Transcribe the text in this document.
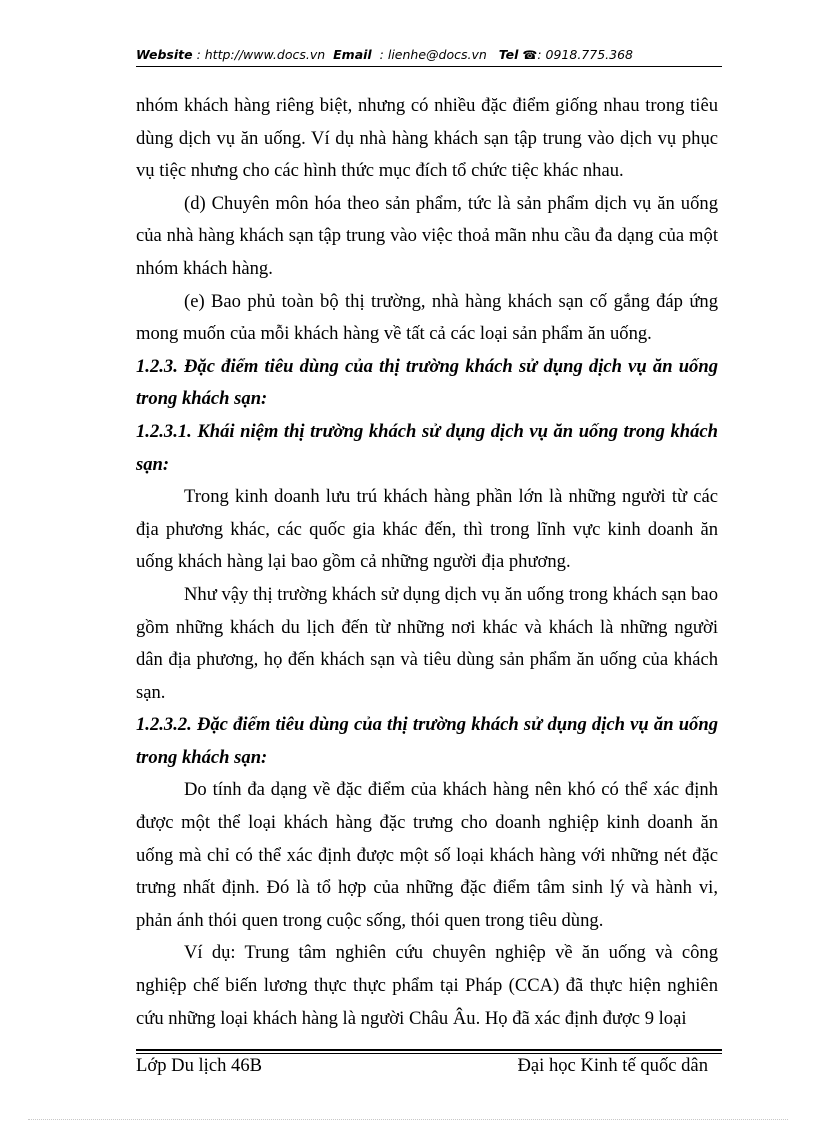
Website : http://www.docs.vn Email : lienhe@docs.vn Tel ☎: 0918.775.368

nhóm khách hàng riêng biệt, nhưng có nhiều đặc điểm giống nhau trong tiêu dùng dịch vụ ăn uống. Ví dụ nhà hàng khách sạn tập trung vào dịch vụ phục vụ tiệc nhưng cho các hình thức mục đích tổ chức tiệc khác nhau.

(d) Chuyên môn hóa theo sản phẩm, tức là sản phẩm dịch vụ ăn uống của nhà hàng khách sạn tập trung vào việc thoả mãn nhu cầu đa dạng của một nhóm khách hàng.

(e) Bao phủ toàn bộ thị trường, nhà hàng khách sạn cố gắng đáp ứng mong muốn của mỗi khách hàng về tất cả các loại sản phẩm ăn uống.

1.2.3. Đặc điểm tiêu dùng của thị trường khách sử dụng dịch vụ ăn uống trong khách sạn:
1.2.3.1. Khái niệm thị trường khách sử dụng dịch vụ ăn uống trong khách sạn:

Trong kinh doanh lưu trú khách hàng phần lớn là những người từ các địa phương khác, các quốc gia khác đến, thì trong lĩnh vực kinh doanh ăn uống khách hàng lại bao gồm cả những người địa phương.

Như vậy thị trường khách sử dụng dịch vụ ăn uống trong khách sạn bao gồm những khách du lịch đến từ những nơi khác và khách là những người dân địa phương, họ đến khách sạn và tiêu dùng sản phẩm ăn uống của khách sạn.

1.2.3.2. Đặc điểm tiêu dùng của thị trường khách sử dụng dịch vụ ăn uống trong khách sạn:

Do tính đa dạng về đặc điểm của khách hàng nên khó có thể xác định được một thể loại khách hàng đặc trưng cho doanh nghiệp kinh doanh ăn uống mà chỉ có thể xác định được một số loại khách hàng với những nét đặc trưng nhất định. Đó là tổ hợp của những đặc điểm tâm sinh lý và hành vi, phản ánh thói quen trong cuộc sống, thói quen trong tiêu dùng.

Ví dụ: Trung tâm nghiên cứu chuyên nghiệp về ăn uống và công nghiệp chế biến lương thực thực phẩm tại Pháp (CCA) đã thực hiện nghiên cứu những loại khách hàng là người Châu Âu. Họ đã xác định được 9 loại

Lớp Du lịch 46B	Đại học Kinh tế quốc dân
